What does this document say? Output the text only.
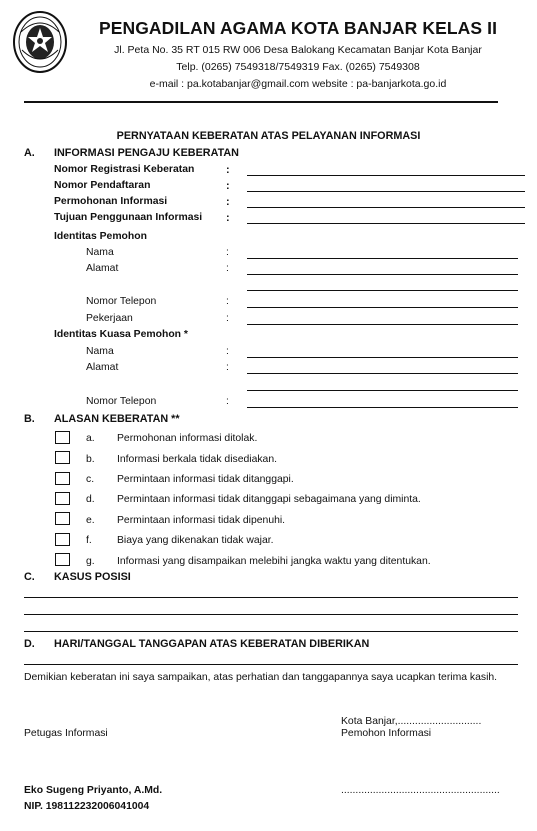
PENGADILAN AGAMA KOTA BANJAR KELAS II
Jl. Peta No. 35 RT 015 RW 006 Desa Balokang Kecamatan Banjar Kota Banjar
Telp. (0265) 7549318/7549319 Fax. (0265) 7549308
e-mail : pa.kotabanjar@gmail.com website : pa-banjarkota.go.id
PERNYATAAN KEBERATAN ATAS PELAYANAN INFORMASI
A. INFORMASI PENGAJU KEBERATAN
Nomor Registrasi Keberatan	:
Nomor Pendaftaran	:
Permohonan Informasi	:
Tujuan Penggunaan Informasi :
Identitas Pemohon
Nama	:
Alamat	:
Nomor Telepon	:
Pekerjaan	:
Identitas Kuasa Pemohon *
Nama	:
Alamat	:
Nomor Telepon	:
B. ALASAN KEBERATAN **
a. Permohonan informasi ditolak.
b. Informasi berkala tidak disediakan.
c. Permintaan informasi tidak ditanggapi.
d. Permintaan informasi tidak ditanggapi sebagaimana yang diminta.
e. Permintaan informasi tidak dipenuhi.
f. Biaya yang dikenakan tidak wajar.
g. Informasi yang disampaikan melebihi jangka waktu yang ditentukan.
C. KASUS POSISI
D. HARI/TANGGAL TANGGAPAN ATAS KEBERATAN DIBERIKAN
Demikian keberatan ini saya sampaikan, atas perhatian dan tanggapannya saya ucapkan terima kasih.
Kota Banjar,.............................
Petugas Informasi	Pemohon Informasi
Eko Sugeng Priyanto, A.Md.	.......................................................
NIP. 198112232006041004
